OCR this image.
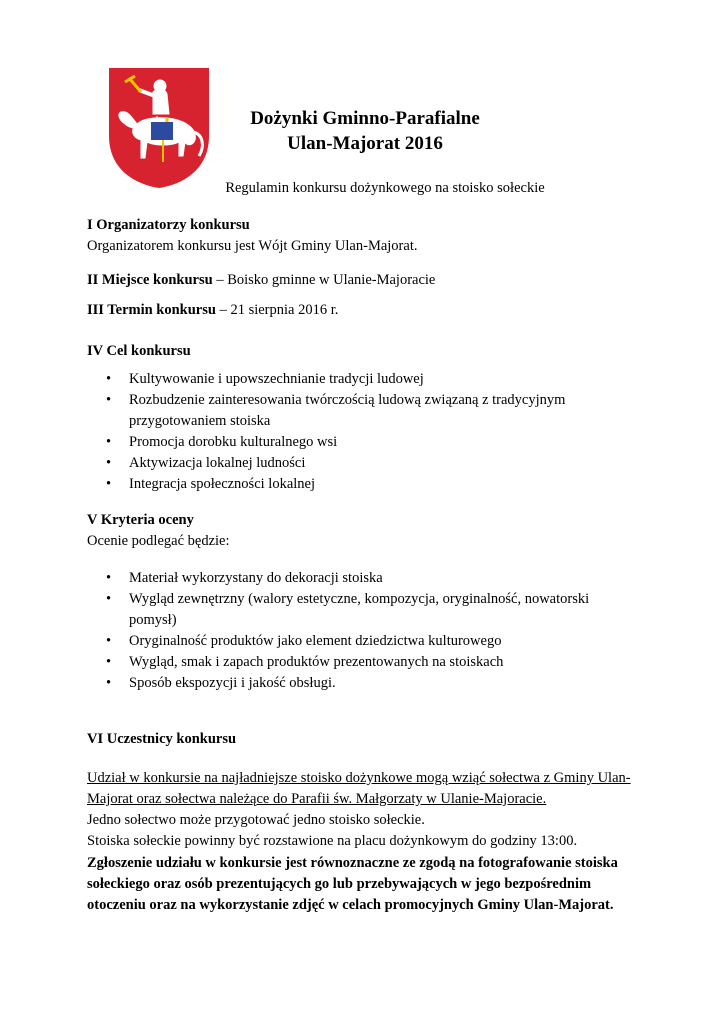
Dożynki Gminno-Parafialne
Ulan-Majorat 2016
Regulamin konkursu dożynkowego na stoisko sołeckie
I Organizatorzy konkursu
Organizatorem konkursu jest Wójt Gminy Ulan-Majorat.
II Miejsce konkursu – Boisko gminne w Ulanie-Majoracie
III Termin konkursu – 21 sierpnia 2016 r.
IV Cel konkursu
• Kultywowanie i upowszechnianie tradycji ludowej
• Rozbudzenie zainteresowania twórczością ludową związaną z tradycyjnym przygotowaniem stoiska
• Promocja dorobku kulturalnego wsi
• Aktywizacja lokalnej ludności
• Integracja społeczności lokalnej
V Kryteria oceny
Ocenie podlegać będzie:
• Materiał wykorzystany do dekoracji stoiska
• Wygląd zewnętrzny (walory estetyczne, kompozycja, oryginalność, nowatorski pomysł)
• Oryginalność produktów jako element dziedzictwa kulturowego
• Wygląd, smak i zapach produktów prezentowanych na stoiskach
• Sposób ekspozycji i jakość obsługi.
VI Uczestnicy konkursu
Udział w konkursie na najładniejsze stoisko dożynkowe mogą wziąć sołectwa z Gminy Ulan-Majorat oraz sołectwa należące do Parafii św. Małgorzaty w Ulanie-Majoracie.
Jedno sołectwo może przygotować jedno stoisko sołeckie.
Stoiska sołeckie powinny być rozstawione na placu dożynkowym do godziny 13:00.
Zgłoszenie udziału w konkursie jest równoznaczne ze zgodą na fotografowanie stoiska sołeckiego oraz osób prezentujących go lub przebywających w jego bezpośrednim otoczeniu oraz na wykorzystanie zdjęć w celach promocyjnych Gminy Ulan-Majorat.
